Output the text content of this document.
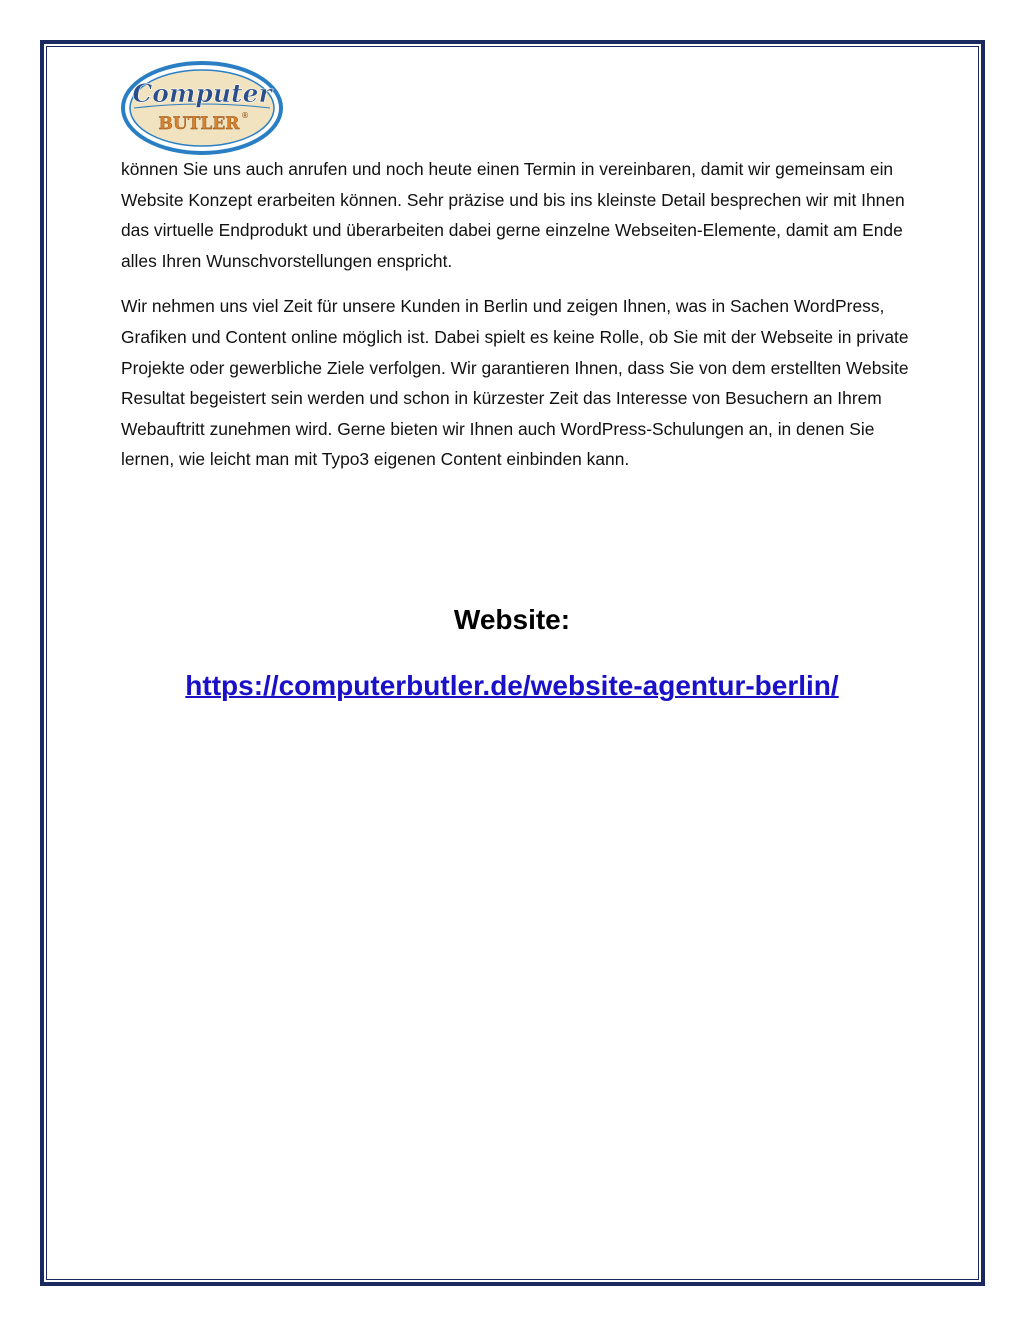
Computer
BUTLER ®

können Sie uns auch anrufen und noch heute einen Termin in vereinbaren, damit wir gemeinsam ein Website Konzept erarbeiten können. Sehr präzise und bis ins kleinste Detail besprechen wir mit Ihnen das virtuelle Endprodukt und überarbeiten dabei gerne einzelne Webseiten-Elemente, damit am Ende alles Ihren Wunschvorstellungen enspricht.

Wir nehmen uns viel Zeit für unsere Kunden in Berlin und zeigen Ihnen, was in Sachen WordPress, Grafiken und Content online möglich ist. Dabei spielt es keine Rolle, ob Sie mit der Webseite in private Projekte oder gewerbliche Ziele verfolgen. Wir garantieren Ihnen, dass Sie von dem erstellten Website Resultat begeistert sein werden und schon in kürzester Zeit das Interesse von Besuchern an Ihrem Webauftritt zunehmen wird. Gerne bieten wir Ihnen auch WordPress-Schulungen an, in denen Sie lernen, wie leicht man mit Typo3 eigenen Content einbinden kann.

Website:
https://computerbutler.de/website-agentur-berlin/
